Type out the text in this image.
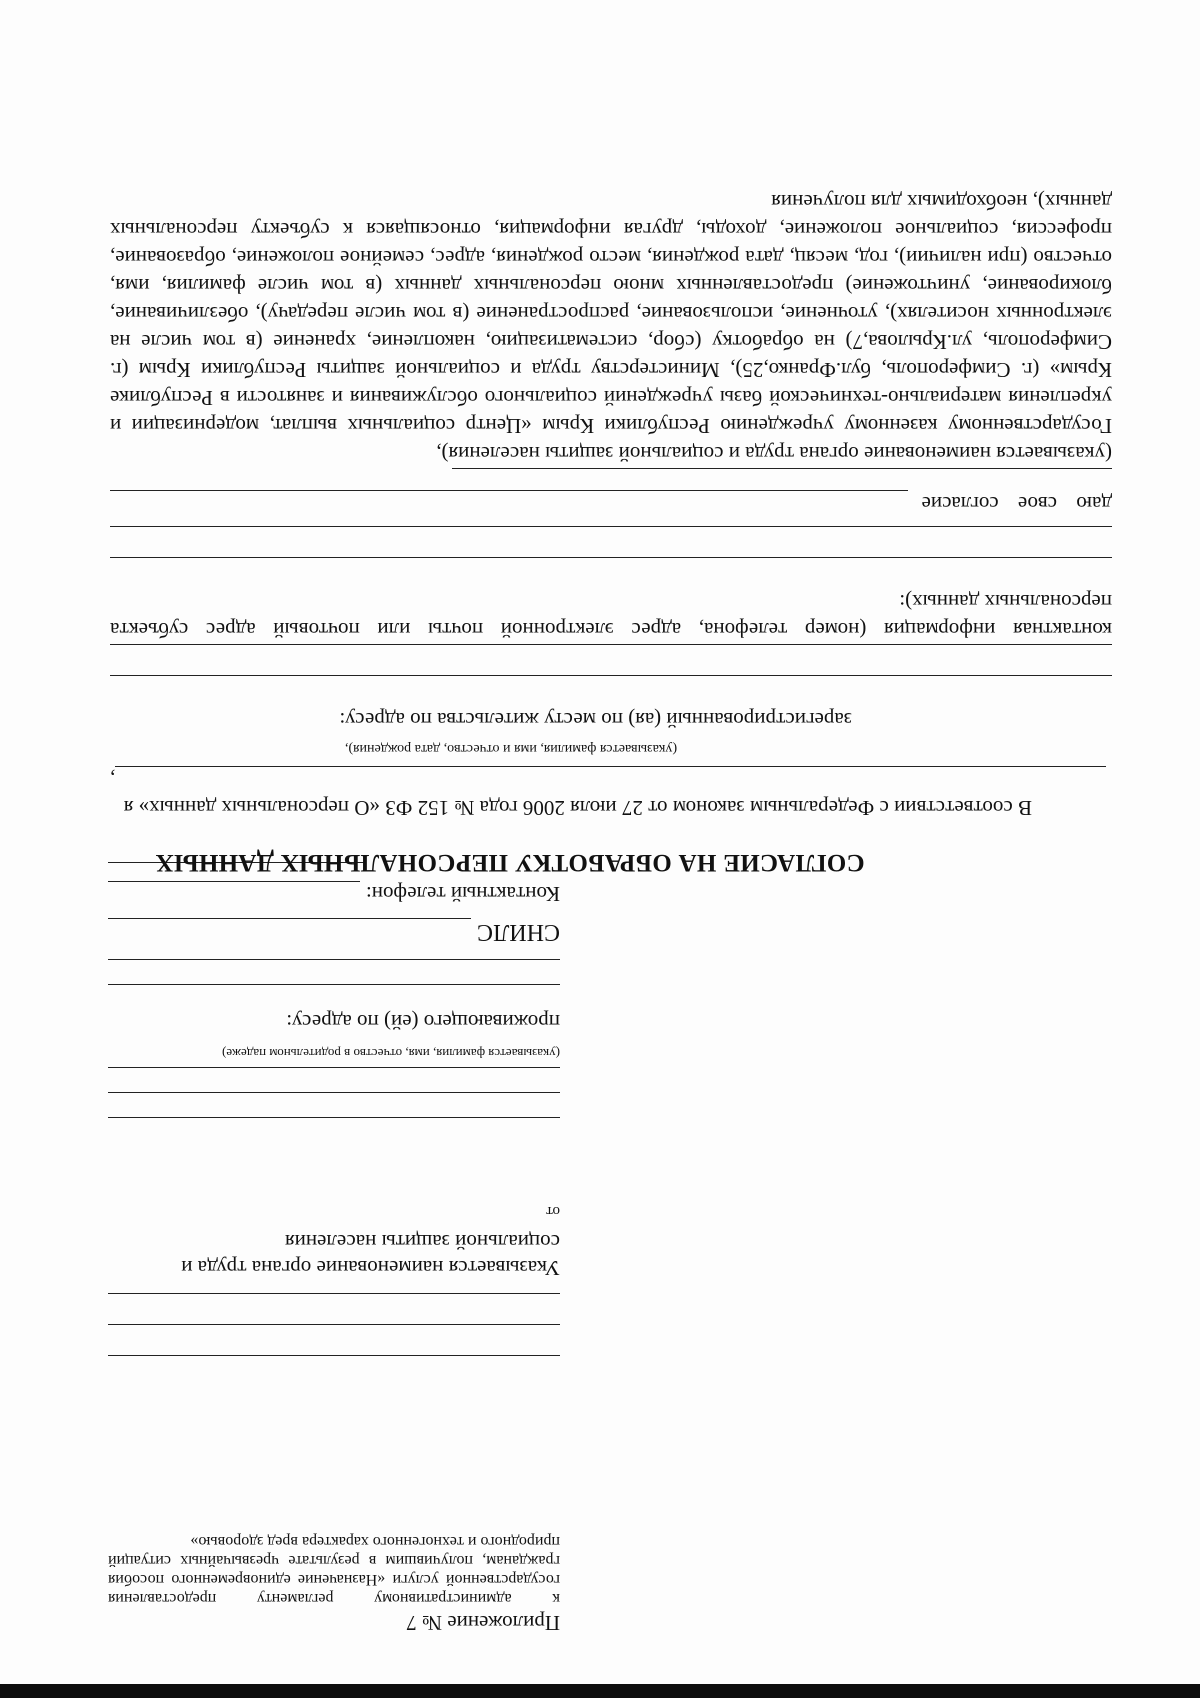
Приложение № 7

к административному регламенту предоставления государственной услуги «Назначение единовременного пособия гражданам, получившим в результате чрезвычайных ситуаций природного и техногенного характера вред здоровью»

Указывается наименование органа труда и социальной защиты населения
от
(указывается фамилия, имя, отчество в родительном падеже)
проживающего (ей) по адресу:
СНИЛС
Контактный телефон:
СОГЛАСИЕ НА ОБРАБОТКУ ПЕРСОНАЛЬНЫХ ДАННЫХ

В соответствии с Федеральным законом от 27 июля 2006 года № 152 ФЗ «О персональных данных» я

,
(указывается фамилия, имя и отчество, дата рождения),

зарегистрированный (ая) по месту жительства по адресу:

контактная информация (номер телефона, адрес электронной почты или почтовый адрес субъекта персональных данных):

даю свое согласие

(указывается наименование органа труда и социальной защиты населения),

Государственному казенному учреждению Республики Крым «Центр социальных выплат, модернизации и укрепления материально-технической базы учреждений социального обслуживания и занятости в Республике Крым» (г. Симферополь, бул.Франко,25), Министерству труда и социальной защиты Республики Крым (г. Симферополь, ул.Крылова,7) на обработку (сбор, систематизацию, накопление, хранение (в том числе на электронных носителях), уточнение, использование, распространение (в том числе передачу), обезличивание, блокирование, уничтожение) предоставленных мною персональных данных (в том числе фамилия, имя, отчество (при наличии), год, месяц, дата рождения, место рождения, адрес, семейное положение, образование, профессия, социальное положение, доходы, другая информация, относящаяся к субъекту персональных данных), необходимых для получения
